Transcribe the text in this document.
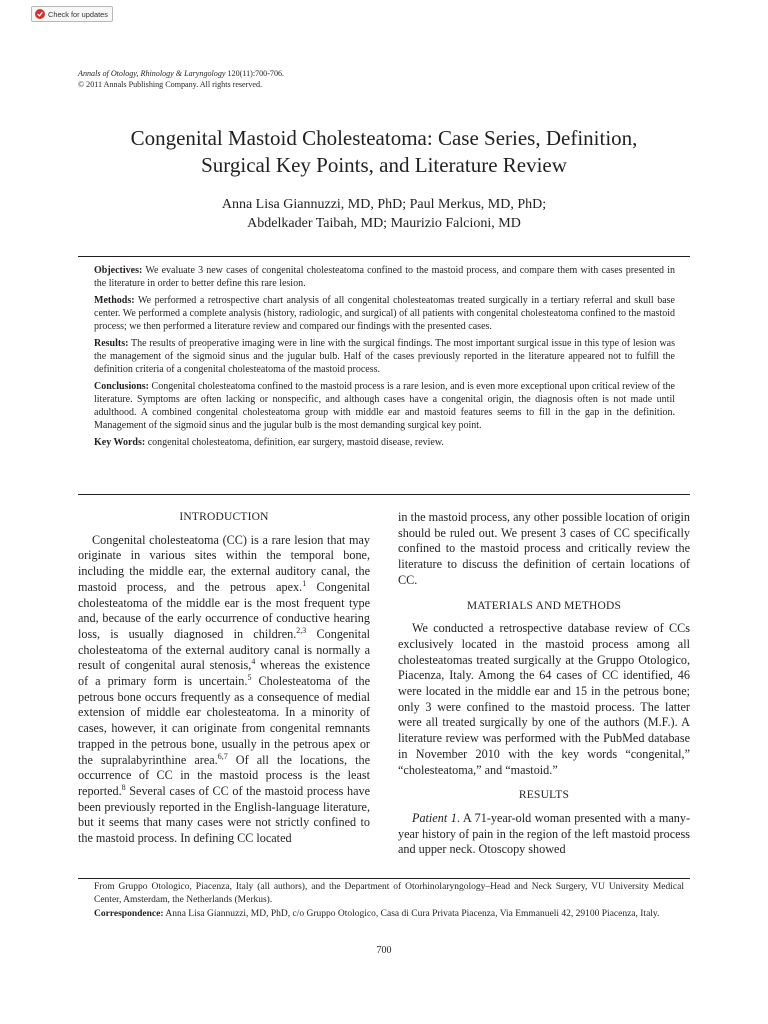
Check for updates
Annals of Otology, Rhinology & Laryngology 120(11):700-706.
© 2011 Annals Publishing Company. All rights reserved.
Congenital Mastoid Cholesteatoma: Case Series, Definition,
Surgical Key Points, and Literature Review
Anna Lisa Giannuzzi, MD, PhD; Paul Merkus, MD, PhD;
Abdelkader Taibah, MD; Maurizio Falcioni, MD

Objectives: We evaluate 3 new cases of congenital cholesteatoma confined to the mastoid process, and compare them with cases presented in the literature in order to better define this rare lesion.

Methods: We performed a retrospective chart analysis of all congenital cholesteatomas treated surgically in a tertiary referral and skull base center. We performed a complete analysis (history, radiologic, and surgical) of all patients with congenital cholesteatoma confined to the mastoid process; we then performed a literature review and compared our findings with the presented cases.

Results: The results of preoperative imaging were in line with the surgical findings. The most important surgical issue in this type of lesion was the management of the sigmoid sinus and the jugular bulb. Half of the cases previously reported in the literature appeared not to fulfill the definition criteria of a congenital cholesteatoma of the mastoid process.

Conclusions: Congenital cholesteatoma confined to the mastoid process is a rare lesion, and is even more exceptional upon critical review of the literature. Symptoms are often lacking or nonspecific, and although cases have a congenital origin, the diagnosis often is not made until adulthood. A combined congenital cholesteatoma group with middle ear and mastoid features seems to fill in the gap in the definition. Management of the sigmoid sinus and the jugular bulb is the most demanding surgical key point.

Key Words: congenital cholesteatoma, definition, ear surgery, mastoid disease, review.

INTRODUCTION

Congenital cholesteatoma (CC) is a rare lesion that may originate in various sites within the temporal bone, including the middle ear, the external auditory canal, the mastoid process, and the petrous apex.$^1$ Congenital cholesteatoma of the middle ear is the most frequent type and, because of the early occurrence of conductive hearing loss, is usually diagnosed in children.$^{2,3}$ Congenital cholesteatoma of the external auditory canal is normally a result of congenital aural stenosis,$^4$ whereas the existence of a primary form is uncertain.$^5$ Cholesteatoma of the petrous bone occurs frequently as a consequence of medial extension of middle ear cholesteatoma. In a minority of cases, however, it can originate from congenital remnants trapped in the petrous bone, usually in the petrous apex or the supralabyrinthine area.$^{6,7}$ Of all the locations, the occurrence of CC in the mastoid process is the least reported.$^8$ Several cases of CC of the mastoid process have been previously reported in the English-language literature, but it seems that many cases were not strictly confined to the mastoid process. In defining CC located

in the mastoid process, any other possible location of origin should be ruled out. We present 3 cases of CC specifically confined to the mastoid process and critically review the literature to discuss the definition of certain locations of CC.

MATERIALS AND METHODS

We conducted a retrospective database review of CCs exclusively located in the mastoid process among all cholesteatomas treated surgically at the Gruppo Otologico, Piacenza, Italy. Among the 64 cases of CC identified, 46 were located in the middle ear and 15 in the petrous bone; only 3 were confined to the mastoid process. The latter were all treated surgically by one of the authors (M.F.). A literature review was performed with the PubMed database in November 2010 with the key words “congenital,” “cholesteatoma,” and “mastoid.”

RESULTS

Patient 1. A 71-year-old woman presented with a many-year history of pain in the region of the left mastoid process and upper neck. Otoscopy showed

From Gruppo Otologico, Piacenza, Italy (all authors), and the Department of Otorhinolaryngology–Head and Neck Surgery, VU University Medical Center, Amsterdam, the Netherlands (Merkus).

Correspondence: Anna Lisa Giannuzzi, MD, PhD, c/o Gruppo Otologico, Casa di Cura Privata Piacenza, Via Emmanueli 42, 29100 Piacenza, Italy.

700
